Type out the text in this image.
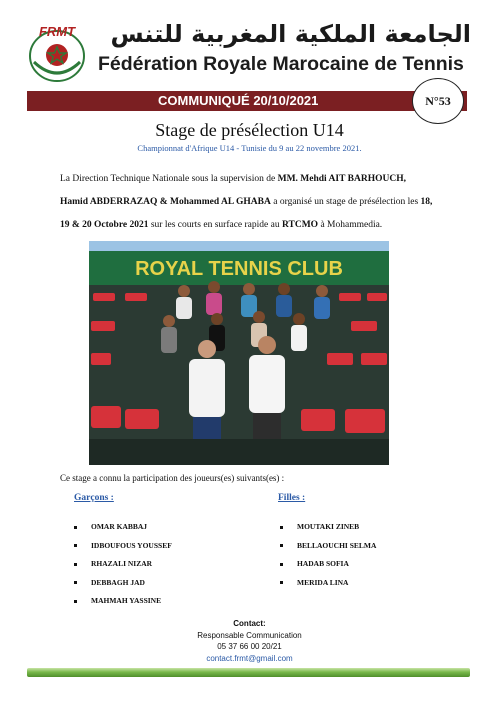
FRMT	الجامعة الملكية المغربية للتنس
Fédération Royale Marocaine de Tennis
COMMUNIQUÉ 20/10/2021	N°53
Stage de présélection U14
Championnat d'Afrique U14 - Tunisie du 9 au 22 novembre 2021.
La Direction Technique Nationale sous la supervision de MM. Mehdi AIT BARHOUCH,
Hamid ABDERRAZAQ & Mohammed AL GHABA a organisé un stage de présélection les 18,
19 & 20 Octobre 2021 sur les courts en surface rapide au RTCMO à Mohammedia.
ROYAL TENNIS CLUB
Ce stage a connu la participation des joueurs(es) suivants(es) :
Garçons :	Filles :
OMAR KABBAJ
IDBOUFOUS YOUSSEF
RHAZALI NIZAR
DEBBAGH JAD
MAHMAH YASSINE
MOUTAKI ZINEB
BELLAOUCHI SELMA
HADAB SOFIA
MERIDA LINA
Contact:
Responsable Communication
05 37 66 00 20/21
contact.frmt@gmail.com
